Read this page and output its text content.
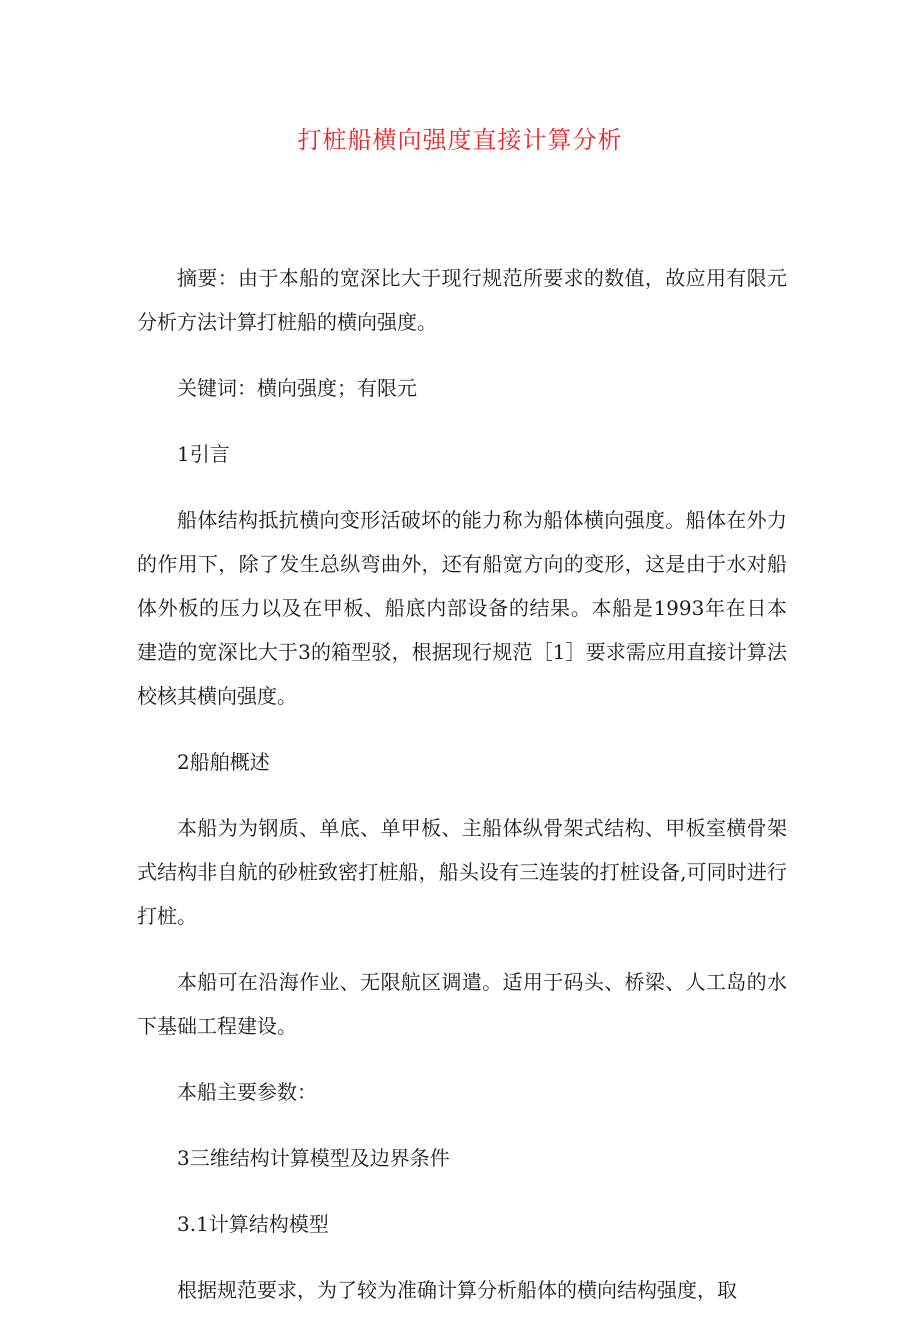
打桩船横向强度直接计算分析

摘要：由于本船的宽深比大于现行规范所要求的数值，故应用有限元分析方法计算打桩船的横向强度。

关键词：横向强度；有限元

1引言

船体结构抵抗横向变形活破坏的能力称为船体横向强度。船体在外力的作用下，除了发生总纵弯曲外，还有船宽方向的变形，这是由于水对船体外板的压力以及在甲板、船底内部设备的结果。本船是1993年在日本建造的宽深比大于3的箱型驳，根据现行规范［1］要求需应用直接计算法校核其横向强度。

2船舶概述

本船为为钢质、单底、单甲板、主船体纵骨架式结构、甲板室横骨架式结构非自航的砂桩致密打桩船，船头设有三连装的打桩设备,可同时进行打桩。

本船可在沿海作业、无限航区调遣。适用于码头、桥梁、人工岛的水下基础工程建设。

本船主要参数：

3三维结构计算模型及边界条件

3.1计算结构模型

根据规范要求，为了较为准确计算分析船体的横向结构强度，取
